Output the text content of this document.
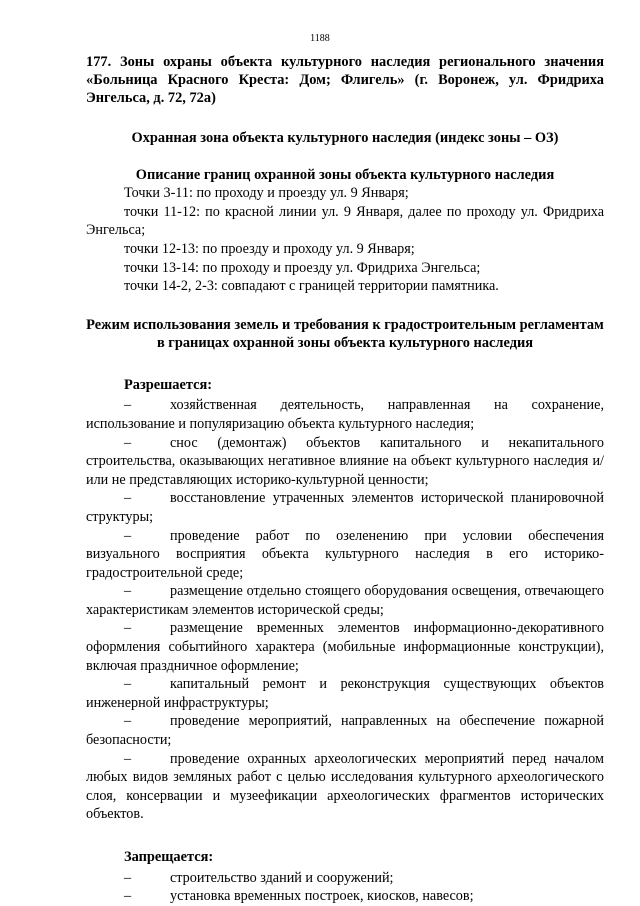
1188

177. Зоны охраны объекта культурного наследия регионального значения «Больница Красного Креста: Дом; Флигель» (г. Воронеж, ул. Фридриха Энгельса, д. 72, 72а)

Охранная зона объекта культурного наследия (индекс зоны – ОЗ)

Описание границ охранной зоны объекта культурного наследия

Точки 3-11: по проходу и проезду ул. 9 Января;

точки 11-12: по красной линии ул. 9 Января, далее по проходу ул. Фридриха Энгельса;

точки 12-13: по проезду и проходу ул. 9 Января;

точки 13-14: по проходу и проезду ул. Фридриха Энгельса;

точки 14-2, 2-3: совпадают с границей территории памятника.

Режим использования земель и требования к градостроительным регламентам в границах охранной зоны объекта культурного наследия

Разрешается:

–	хозяйственная деятельность, направленная на сохранение, использование и популяризацию объекта культурного наследия;
–	снос (демонтаж) объектов капитального и некапитального строительства, оказывающих негативное влияние на объект культурного наследия и/или не представляющих историко-культурной ценности;
–	восстановление утраченных элементов исторической планировочной структуры;
–	проведение работ по озеленению при условии обеспечения визуального восприятия объекта культурного наследия в его историко-градостроительной среде;
–	размещение отдельно стоящего оборудования освещения, отвечающего характеристикам элементов исторической среды;
–	размещение временных элементов информационно-декоративного оформления событийного характера (мобильные информационные конструкции), включая праздничное оформление;
–	капитальный ремонт и реконструкция существующих объектов инженерной инфраструктуры;
–	проведение мероприятий, направленных на обеспечение пожарной безопасности;
–	проведение охранных археологических мероприятий перед началом любых видов земляных работ с целью исследования культурного археологического слоя, консервации и музеефикации археологических фрагментов исторических объектов.

Запрещается:

–	строительство зданий и сооружений;
–	установка временных построек, киосков, навесов;
